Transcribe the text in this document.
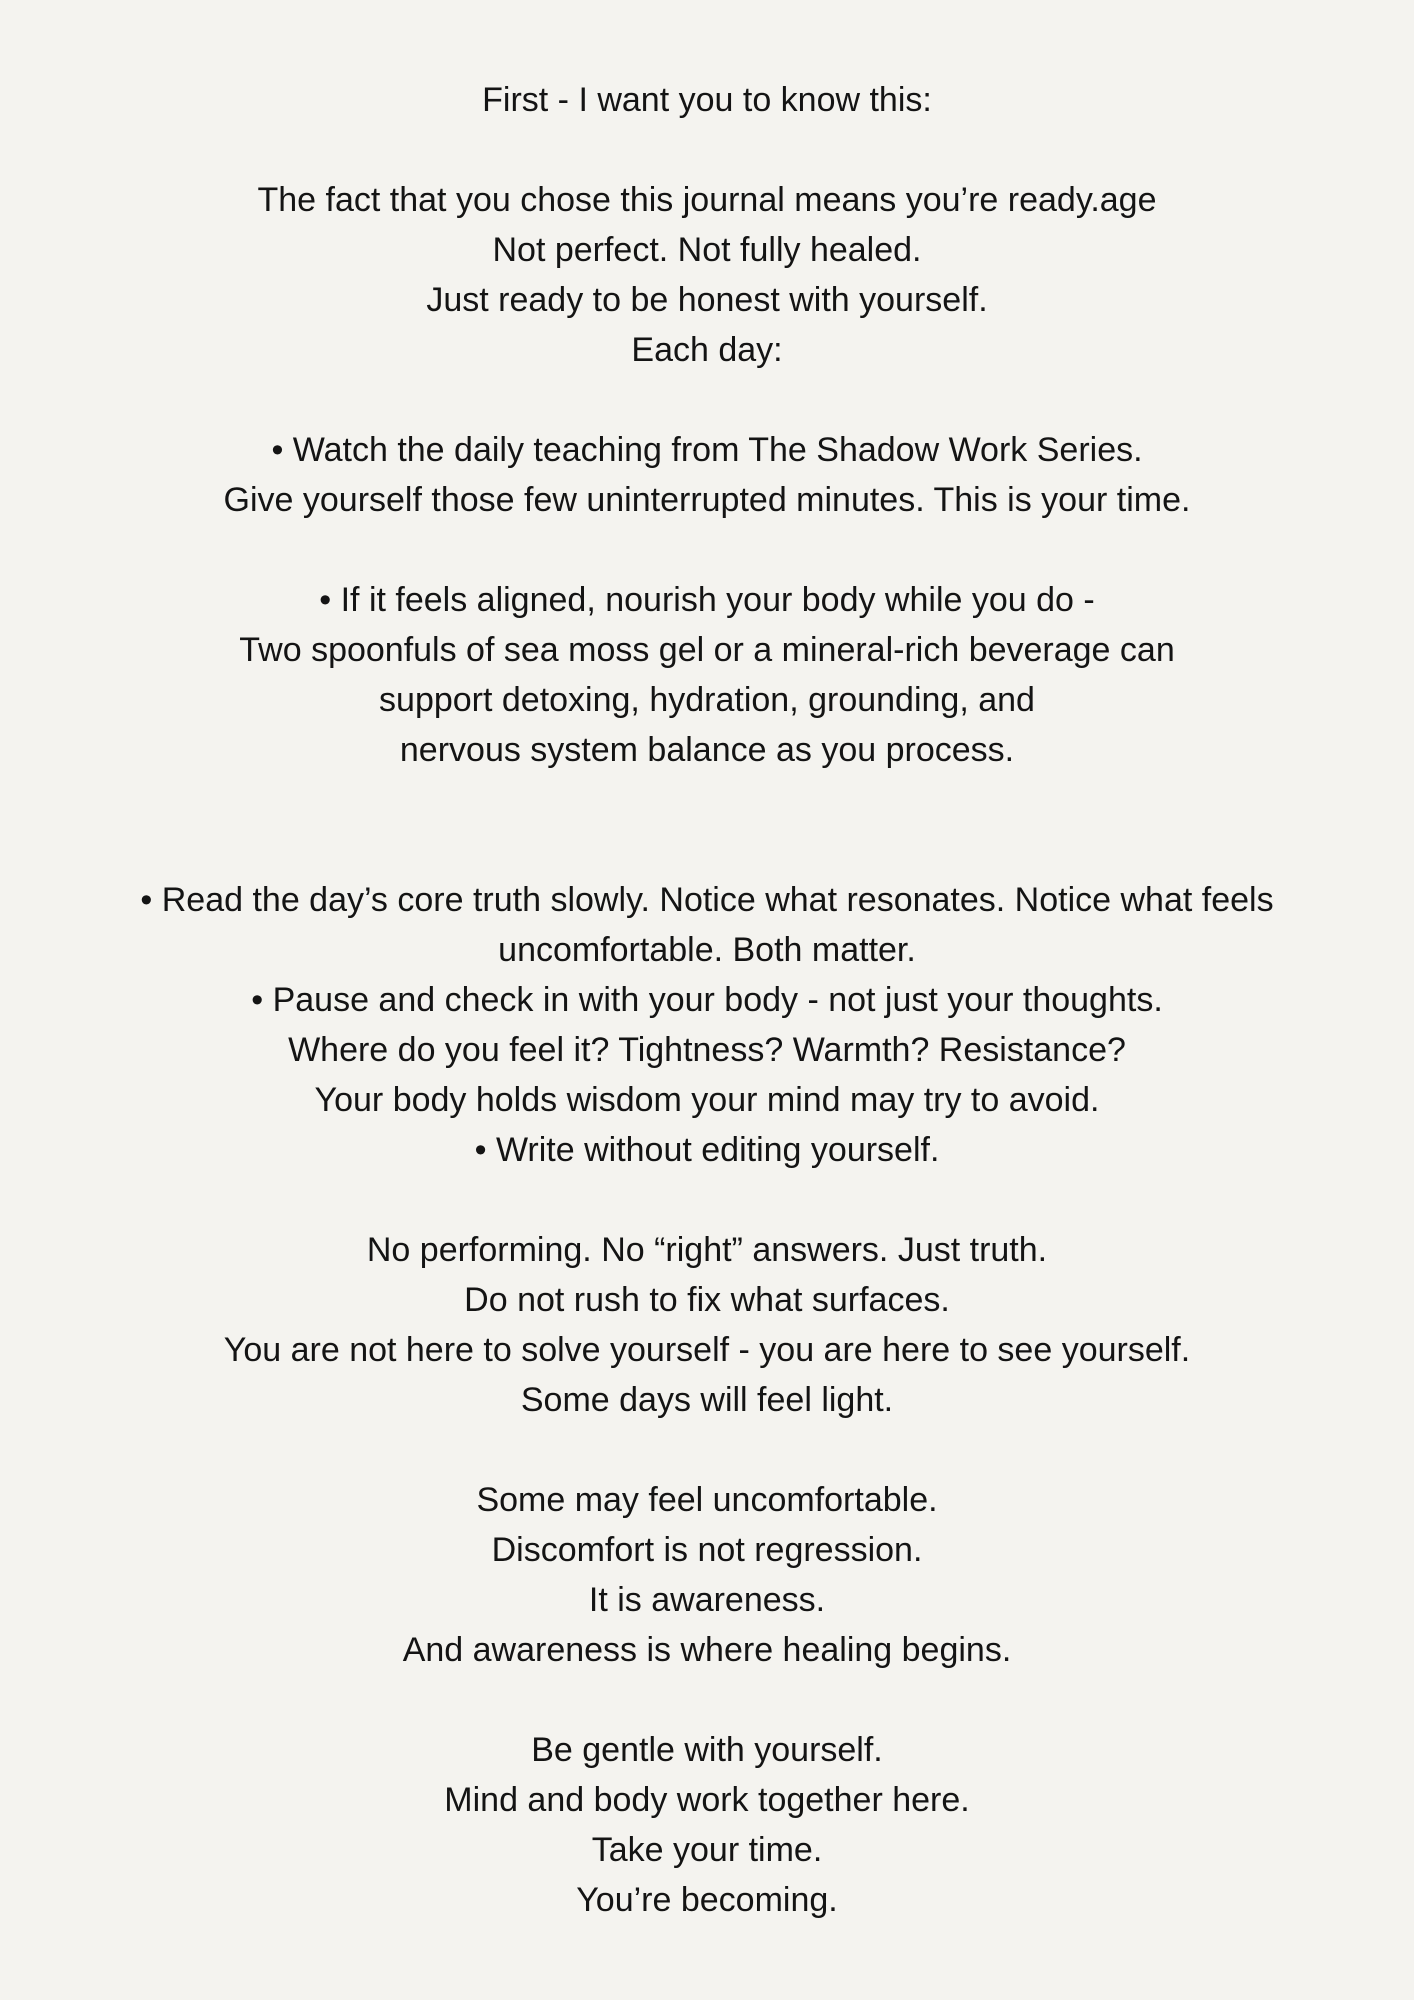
First - I want you to know this:

The fact that you chose this journal means you’re ready.age
Not perfect. Not fully healed.
Just ready to be honest with yourself.
Each day:

• Watch the daily teaching from The Shadow Work Series.
Give yourself those few uninterrupted minutes. This is your time.

• If it feels aligned, nourish your body while you do -
Two spoonfuls of sea moss gel or a mineral-rich beverage can
support detoxing, hydration, grounding, and
nervous system balance as you process.

• Read the day’s core truth slowly. Notice what resonates. Notice what feels
uncomfortable. Both matter.
• Pause and check in with your body - not just your thoughts.
Where do you feel it? Tightness? Warmth? Resistance?
Your body holds wisdom your mind may try to avoid.
• Write without editing yourself.

No performing. No “right” answers. Just truth.
Do not rush to fix what surfaces.
You are not here to solve yourself - you are here to see yourself.
Some days will feel light.

Some may feel uncomfortable.
Discomfort is not regression.
It is awareness.
And awareness is where healing begins.

Be gentle with yourself.
Mind and body work together here.
Take your time.
You’re becoming.
